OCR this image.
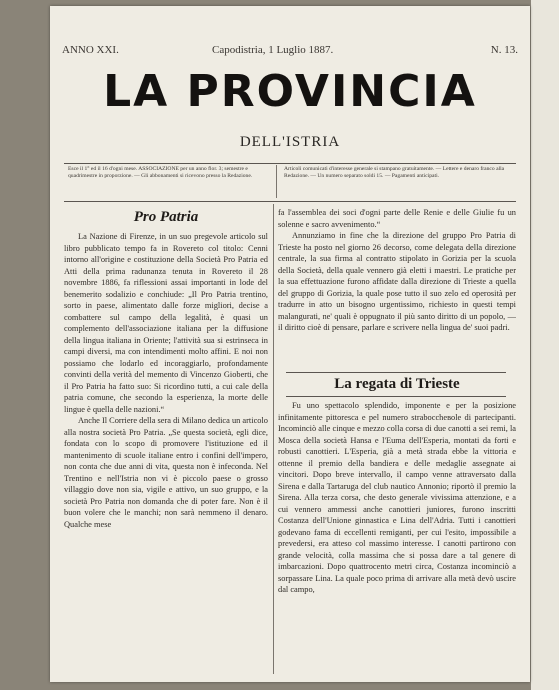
ANNO XXI.	Capodistria, 1 Luglio 1887.	N. 13.
LA PROVINCIA
DELL'ISTRIA
Esce il 1° ed il 16 d'ogni mese. ASSOCIAZIONE per un anno flor. 3; semestre e quadrimestre in proporzione. — Gli abbonamenti si ricevono presso la Redazione.
Articoli comunicati d'interesse generale si stampano gratuitamente. — Lettere e denaro franco alla Redazione. — Un numero separato soldi 15. — Pagamenti anticipati.
Pro Patria

La Nazione di Firenze, in un suo pregevole articolo sul libro pubblicato tempo fa in Rovereto col titolo: Cenni intorno all'origine e costituzione della Società Pro Patria ed Atti della prima radunanza tenuta in Rovereto il 28 novembre 1886, fa riflessioni assai importanti in lode del benemerito sodalizio e conchiude: „Il Pro Patria trentino, sorto in paese, alimentato dalle forze migliori, decise a combattere sul campo della legalità, è quasi un complemento dell'associazione italiana per la diffusione della lingua italiana in Oriente; l'attività sua si estrinseca in campi diversi, ma con intendimenti molto affini. E noi non possiamo che lodarlo ed incoraggiarlo, profondamente convinti della verità del memento di Vincenzo Gioberti, che il Pro Patria ha fatto suo: Si ricordino tutti, a cui cale della patria comune, che secondo la esperienza, la morte delle lingue è quella delle nazioni.“

Anche Il Corriere della sera di Milano dedica un articolo alla nostra società Pro Patria. „Se questa società, egli dice, fondata con lo scopo di promovere l'istituzione ed il mantenimento di scuole italiane entro i confini dell'impero, non conta che due anni di vita, questa non è infeconda. Nel Trentino e nell'Istria non vi è piccolo paese o grosso villaggio dove non sia, vigile e attivo, un suo gruppo, e la società Pro Patria non domanda che di poter fare. Non è il buon volere che le manchi; non sarà nemmeno il denaro. Qualche mese

fa l'assemblea dei soci d'ogni parte delle Renie e delle Giulie fu un solenne e sacro avvenimento.“

Annunziamo in fine che la direzione del gruppo Pro Patria di Trieste ha posto nel giorno 26 decorso, come delegata della direzione centrale, la sua firma al contratto stipolato in Gorizia per la scuola della Società, della quale vennero già eletti i maestri. Le pratiche per la sua effettuazione furono affidate dalla direzione di Trieste a quella del gruppo di Gorizia, la quale pose tutto il suo zelo ed operosità per tradurre in atto un bisogno urgentissimo, richiesto in questi tempi malangurati, ne' quali è oppugnato il più santo diritto di un popolo, — il diritto cioè di pensare, parlare e scrivere nella lingua de' suoi padri.

La regata di Trieste

Fu uno spettacolo splendido, imponente e per la posizione infinitamente pittoresca e pel numero straboccheвole di partecipanti. Incominciò alle cinque e mezzo colla corsa di due canotti a sei remi, la Mosca della società Hansa e l'Euma dell'Esperia, montati da forti e robusti canottieri. L'Esperia, già a metà strada ebbe la vittoria e ottenne il premio della bandiera e delle medaglie assegnate ai vincitori. Dopo breve intervallo, il campo venne attraversato dalla Sirena e dalla Tartaruga del club nautico Annonio; riportò il premio la Sirena. Alla terza corsa, che desto generale vivissima attenzione, e a cui vennero ammessi anche canottieri juniores, furono inscritti Costanza dell'Unione ginnastica e Lina dell'Adria. Tutti i canottieri godevano fama di eccellenti remiganti, per cui l'esito, impossibile a prevedersi, era atteso col massimo interesse. I canotti partirono con grande velocità, colla massima che si possa dare a tal genere di imbarcazioni. Dopo quattrocento metri circa, Costanza incominciò a sorpassare Lina. La quale poco prima di arrivare alla metà devò uscire dal campo,
